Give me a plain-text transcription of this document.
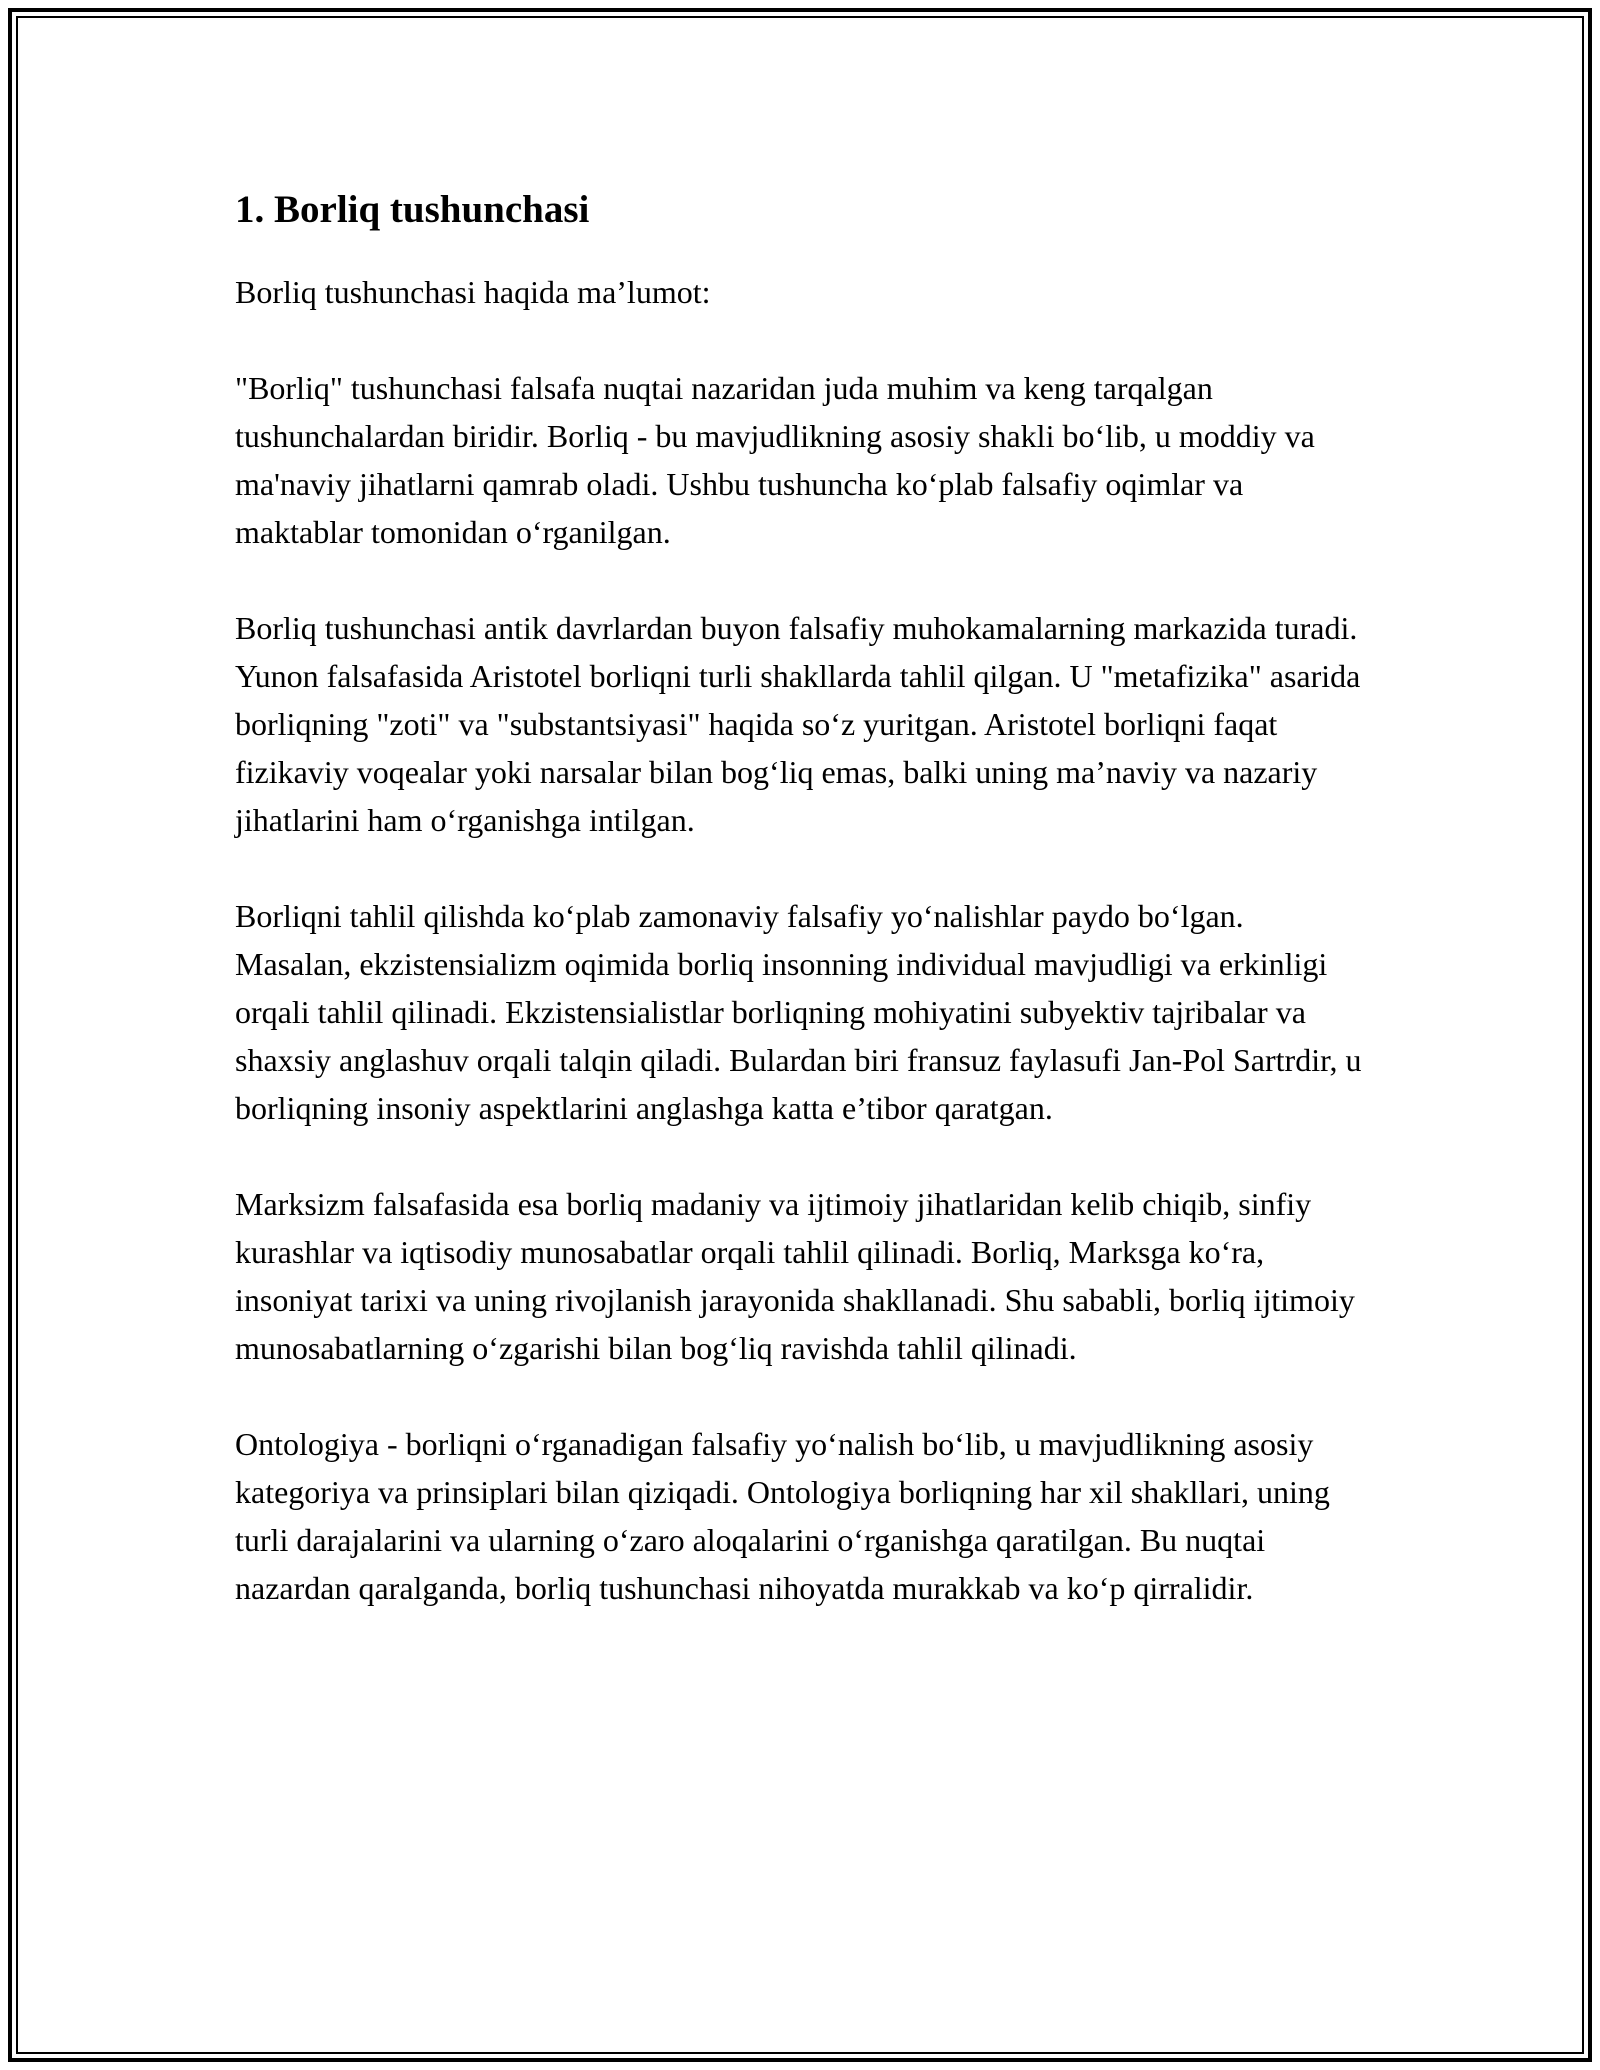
1. Borliq tushunchasi

Borliq tushunchasi haqida ma’lumot:

"Borliq" tushunchasi falsafa nuqtai nazaridan juda muhim va keng tarqalgan tushunchalardan biridir. Borliq - bu mavjudlikning asosiy shakli bo‘lib, u moddiy va ma'naviy jihatlarni qamrab oladi. Ushbu tushuncha ko‘plab falsafiy oqimlar va maktablar tomonidan o‘rganilgan.

Borliq tushunchasi antik davrlardan buyon falsafiy muhokamalarning markazida turadi. Yunon falsafasida Aristotel borliqni turli shakllarda tahlil qilgan. U "metafizika" asarida borliqning "zoti" va "substantsiyasi" haqida so‘z yuritgan. Aristotel borliqni faqat fizikaviy voqealar yoki narsalar bilan bog‘liq emas, balki uning ma’naviy va nazariy jihatlarini ham o‘rganishga intilgan.

Borliqni tahlil qilishda ko‘plab zamonaviy falsafiy yo‘nalishlar paydo bo‘lgan. Masalan, ekzistensializm oqimida borliq insonning individual mavjudligi va erkinligi orqali tahlil qilinadi. Ekzistensialistlar borliqning mohiyatini subyektiv tajribalar va shaxsiy anglashuv orqali talqin qiladi. Bulardan biri fransuz faylasufi Jan-Pol Sartrdir, u borliqning insoniy aspektlarini anglashga katta e’tibor qaratgan.

Marksizm falsafasida esa borliq madaniy va ijtimoiy jihatlaridan kelib chiqib, sinfiy kurashlar va iqtisodiy munosabatlar orqali tahlil qilinadi. Borliq, Marksga ko‘ra, insoniyat tarixi va uning rivojlanish jarayonida shakllanadi. Shu sababli, borliq ijtimoiy munosabatlarning o‘zgarishi bilan bog‘liq ravishda tahlil qilinadi.

Ontologiya - borliqni o‘rganadigan falsafiy yo‘nalish bo‘lib, u mavjudlikning asosiy kategoriya va prinsiplari bilan qiziqadi. Ontologiya borliqning har xil shakllari, uning turli darajalarini va ularning o‘zaro aloqalarini o‘rganishga qaratilgan. Bu nuqtai nazardan qaralganda, borliq tushunchasi nihoyatda murakkab va ko‘p qirralidir.
